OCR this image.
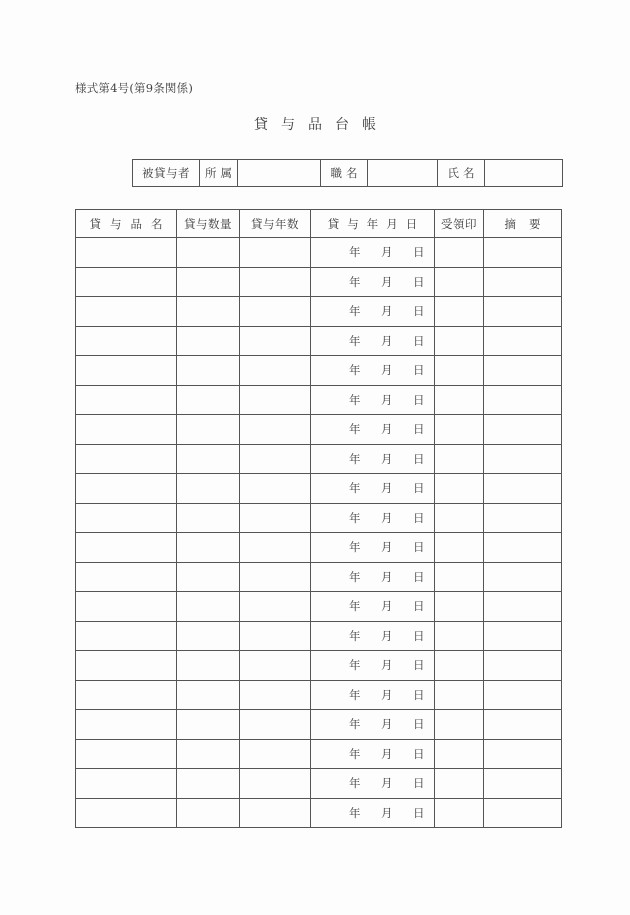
様式第4号(第9条関係)
貸与品台帳
被貸与者	所属		職名		氏名	
貸与品名	貸与数量	貸与年数	貸与年月日	受領印	摘要

			年 月 日		

			年 月 日		

			年 月 日		

			年 月 日		

			年 月 日		

			年 月 日		

			年 月 日		

			年 月 日		

			年 月 日		

			年 月 日		

			年 月 日		

			年 月 日		

			年 月 日		

			年 月 日		

			年 月 日		

			年 月 日		

			年 月 日		

			年 月 日		

			年 月 日		

			年 月 日		
